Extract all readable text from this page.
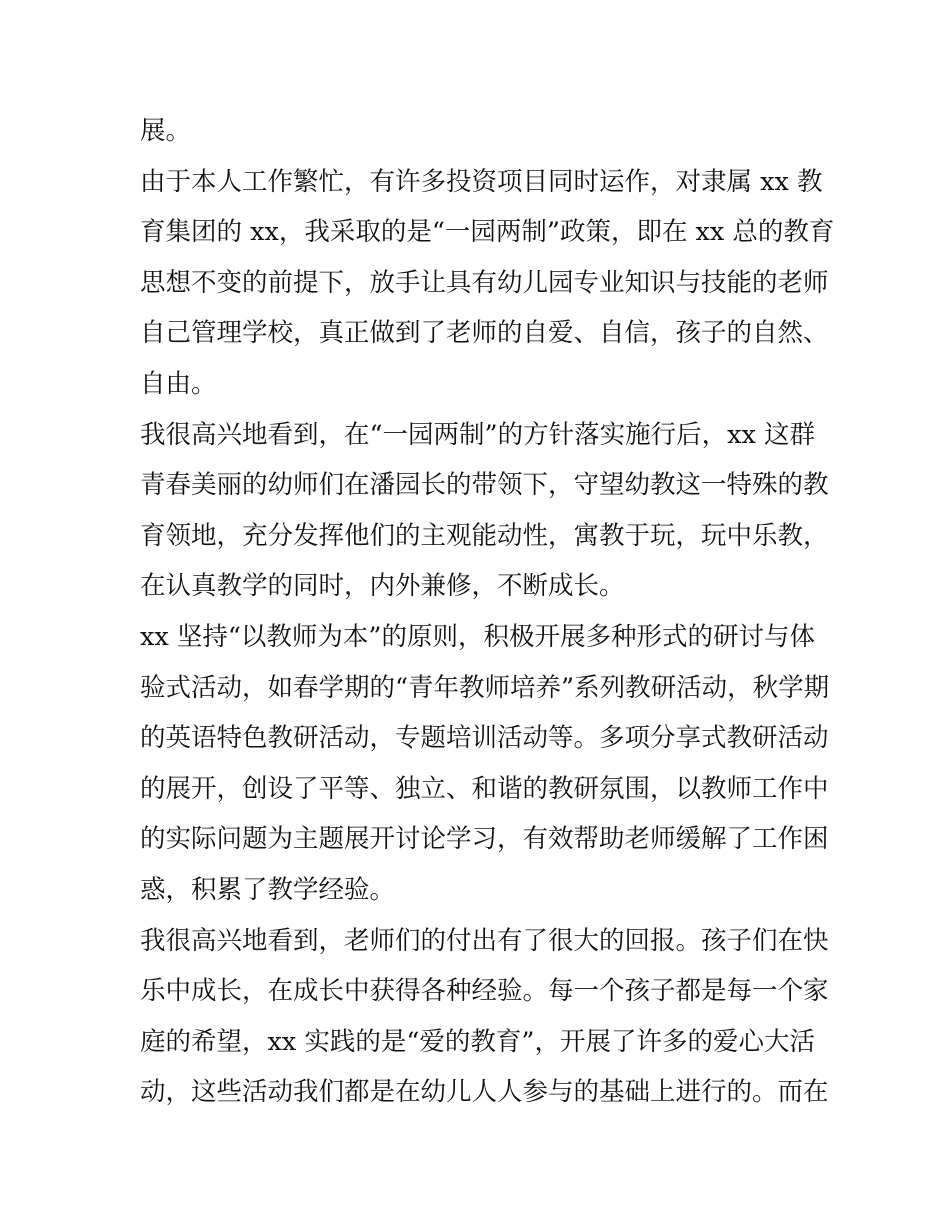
展。
由于本人工作繁忙，有许多投资项目同时运作，对隶属 xx 教
育集团的 xx，我采取的是“一园两制”政策，即在 xx 总的教育
思想不变的前提下，放手让具有幼儿园专业知识与技能的老师
自己管理学校，真正做到了老师的自爱、自信，孩子的自然、
自由。
我很高兴地看到，在“一园两制”的方针落实施行后，xx 这群
青春美丽的幼师们在潘园长的带领下，守望幼教这一特殊的教
育领地，充分发挥他们的主观能动性，寓教于玩，玩中乐教，
在认真教学的同时，内外兼修，不断成长。
xx 坚持“以教师为本”的原则，积极开展多种形式的研讨与体
验式活动，如春学期的“青年教师培养”系列教研活动，秋学期
的英语特色教研活动，专题培训活动等。多项分享式教研活动
的展开，创设了平等、独立、和谐的教研氛围，以教师工作中
的实际问题为主题展开讨论学习，有效帮助老师缓解了工作困
惑，积累了教学经验。
我很高兴地看到，老师们的付出有了很大的回报。孩子们在快
乐中成长，在成长中获得各种经验。每一个孩子都是每一个家
庭的希望，xx 实践的是“爱的教育”，开展了许多的爱心大活
动，这些活动我们都是在幼儿人人参与的基础上进行的。而在
